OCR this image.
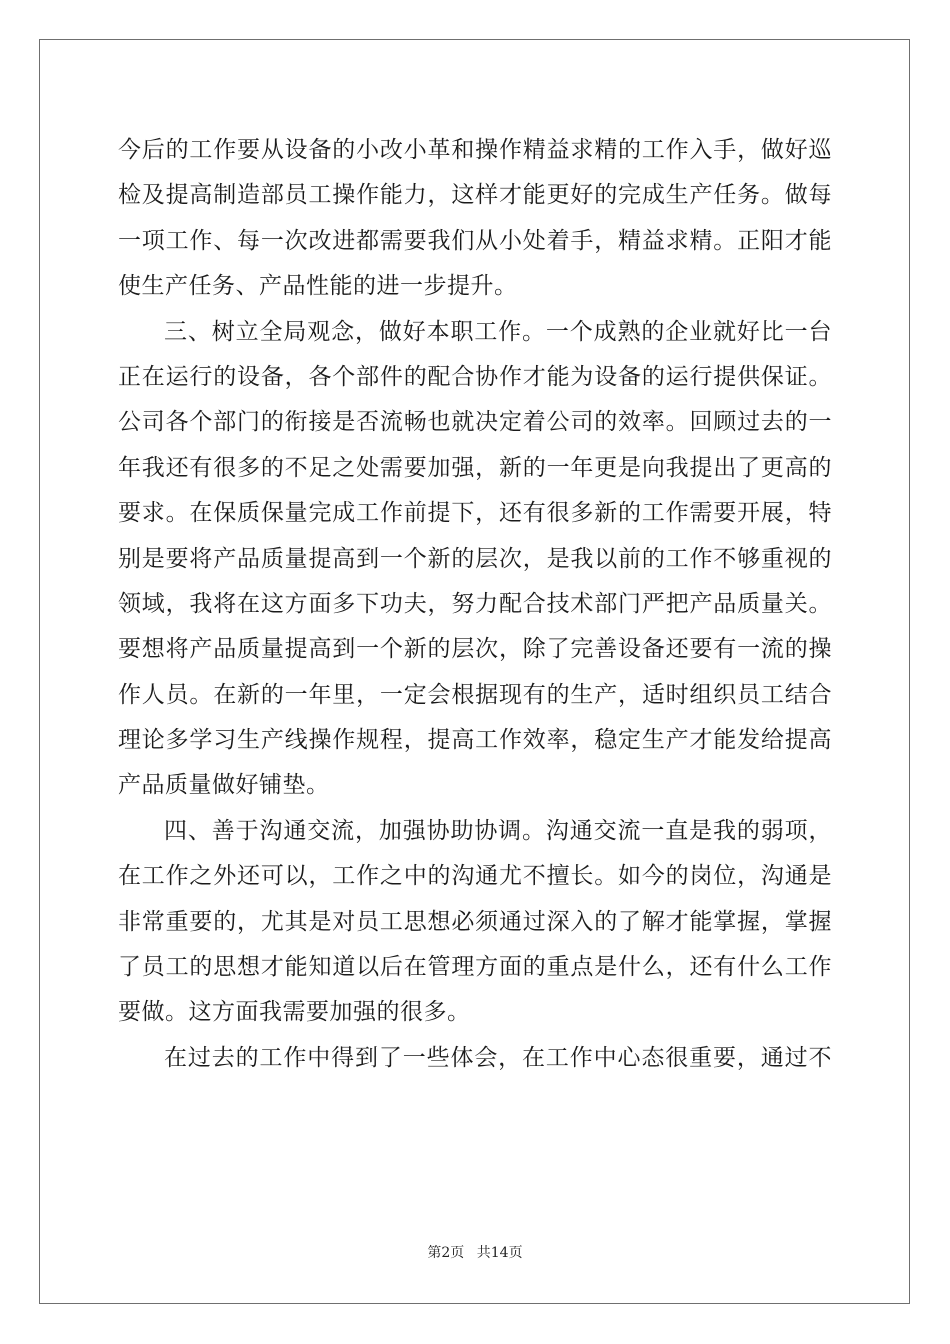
今后的工作要从设备的小改小革和操作精益求精的工作入手，做好巡
检及提高制造部员工操作能力，这样才能更好的完成生产任务。做每
一项工作、每一次改进都需要我们从小处着手，精益求精。正阳才能
使生产任务、产品性能的进一步提升。
三、树立全局观念，做好本职工作。一个成熟的企业就好比一台
正在运行的设备，各个部件的配合协作才能为设备的运行提供保证。
公司各个部门的衔接是否流畅也就决定着公司的效率。回顾过去的一
年我还有很多的不足之处需要加强，新的一年更是向我提出了更高的
要求。在保质保量完成工作前提下，还有很多新的工作需要开展，特
别是要将产品质量提高到一个新的层次，是我以前的工作不够重视的
领域，我将在这方面多下功夫，努力配合技术部门严把产品质量关。
要想将产品质量提高到一个新的层次，除了完善设备还要有一流的操
作人员。在新的一年里，一定会根据现有的生产，适时组织员工结合
理论多学习生产线操作规程，提高工作效率，稳定生产才能发给提高
产品质量做好铺垫。
四、善于沟通交流，加强协助协调。沟通交流一直是我的弱项，
在工作之外还可以，工作之中的沟通尤不擅长。如今的岗位，沟通是
非常重要的，尤其是对员工思想必须通过深入的了解才能掌握，掌握
了员工的思想才能知道以后在管理方面的重点是什么，还有什么工作
要做。这方面我需要加强的很多。
在过去的工作中得到了一些体会，在工作中心态很重要，通过不
第2页 共14页
